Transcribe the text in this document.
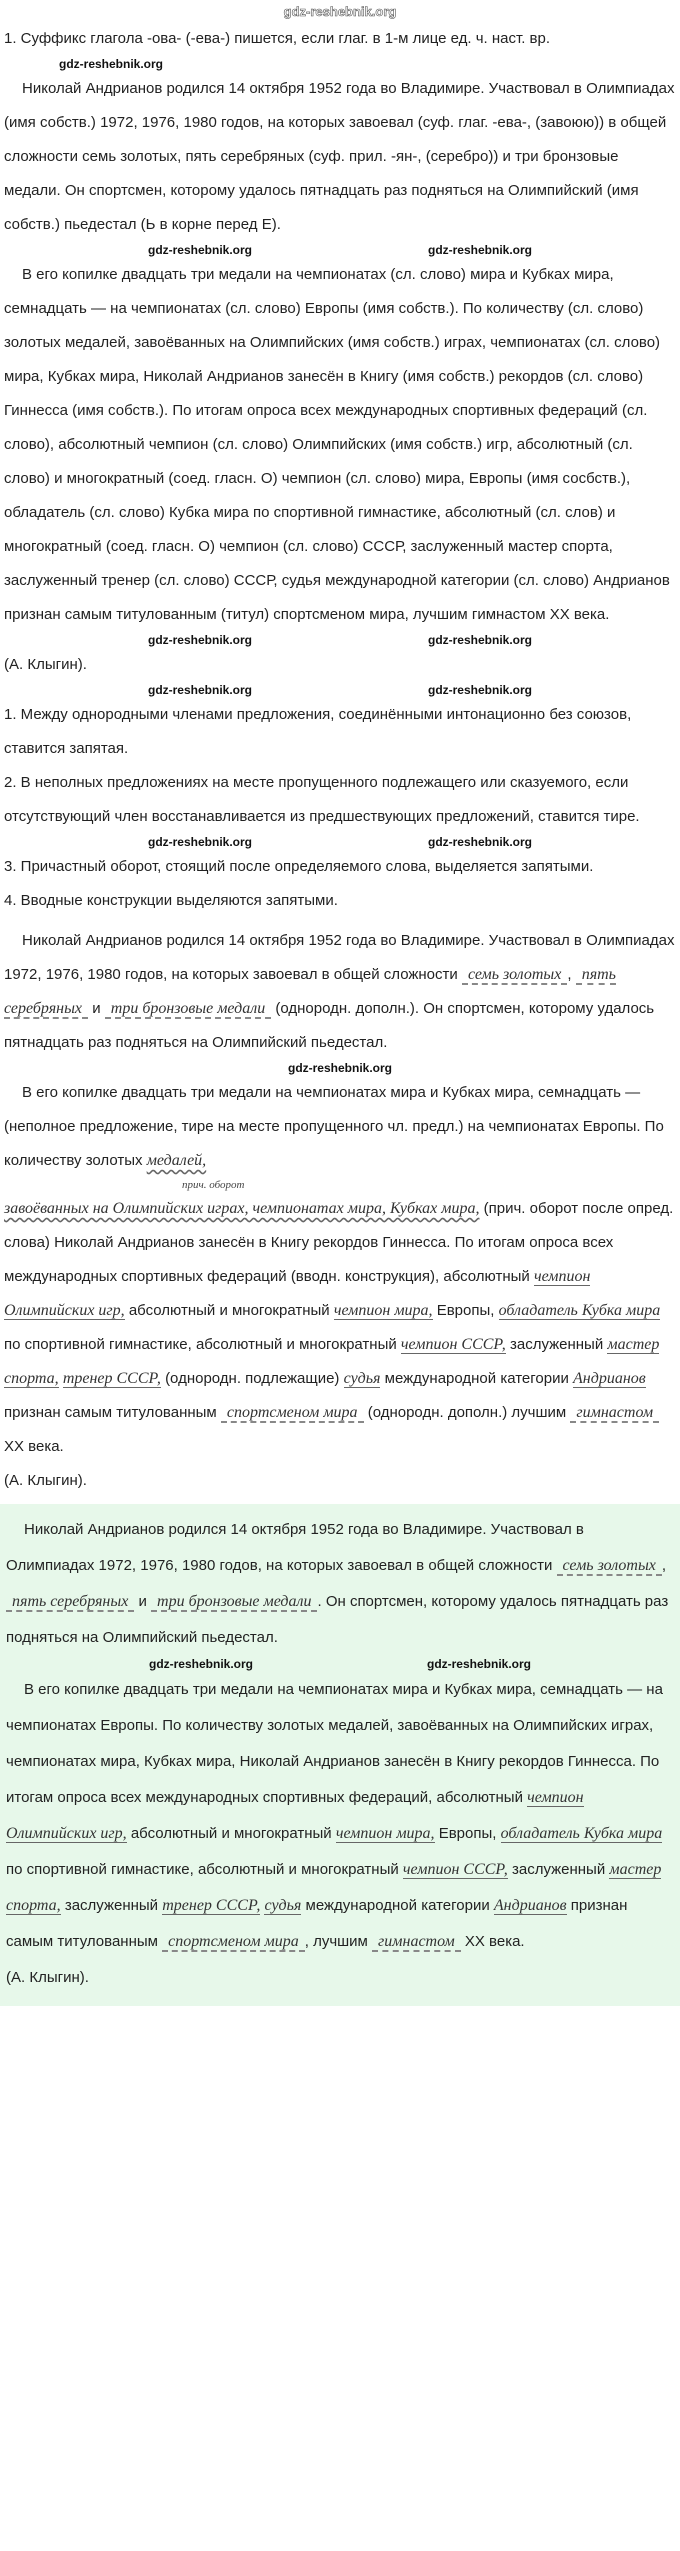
gdz-reshebnik.org

1. Суффикс глагола -ова- (-ева-) пишется, если глаг. в 1-м лице ед. ч. наст. вр.

gdz-reshebnik.org

Николай Андрианов родился 14 октября 1952 года во Владимире. Участвовал в Олимпиадах (имя собств.) 1972, 1976, 1980 годов, на которых завоевал (суф. глаг. -ева-, (завоюю)) в общей сложности семь золотых, пять серебряных (суф. прил. -ян-, (серебро)) и три бронзовые медали. Он спортсмен, которому удалось пятнадцать раз подняться на Олимпийский (имя собств.) пьедестал (Ь в корне перед Е).

gdz-reshebnik.org	gdz-reshebnik.org

В его копилке двадцать три медали на чемпионатах (сл. слово) мира и Кубках мира, семнадцать — на чемпионатах (сл. слово) Европы (имя собств.). По количеству (сл. слово) золотых медалей, завоёванных на Олимпийских (имя собств.) играх, чемпионатах (сл. слово) мира, Кубках мира, Николай Андрианов занесён в Книгу (имя собств.) рекордов (сл. слово) Гиннесса (имя собств.). По итогам опроса всех международных спортивных федераций (сл. слово), абсолютный чемпион (сл. слово) Олимпийских (имя собств.) игр, абсолютный (сл. слово) и многократный (соед. гласн. О) чемпион (сл. слово) мира, Европы (имя сосбств.), обладатель (сл. слово) Кубка мира по спортивной гимнастике, абсолютный (сл. слов) и многократный (соед. гласн. О) чемпион (сл. слово) СССР, заслуженный мастер спорта, заслуженный тренер (сл. слово) СССР, судья международной категории (сл. слово) Андрианов признан самым титулованным (титул) спортсменом мира, лучшим гимнастом XX века.

gdz-reshebnik.org	gdz-reshebnik.org

(А. Клыгин).

gdz-reshebnik.org	gdz-reshebnik.org

1. Между однородными членами предложения, соединёнными интонационно без союзов, ставится запятая.

2. В неполных предложениях на месте пропущенного подлежащего или сказуемого, если отсутствующий член восстанавливается из предшествующих предложений, ставится тире.

gdz-reshebnik.org	gdz-reshebnik.org

3. Причастный оборот, стоящий после определяемого слова, выделяется запятыми.

4. Вводные конструкции выделяются запятыми.

Николай Андрианов родился 14 октября 1952 года во Владимире. Участвовал в Олимпиадах 1972, 1976, 1980 годов, на которых завоевал в общей сложности семь золотых , пять серебряных и три бронзовые медали (однородн. дополн.). Он спортсмен, которому удалось пятнадцать раз подняться на Олимпийский пьедестал.

gdz-reshebnik.org

В его копилке двадцать три медали на чемпионатах мира и Кубках мира, семнадцать — (неполное предложение, тире на месте пропущенного чл. предл.) на чемпионатах Европы. По количеству золотых медалей,
прич. оборот
завоёванных на Олимпийских играх, чемпионатах мира, Кубках мира, (прич. оборот после опред. слова) Николай Андрианов занесён в Книгу рекордов Гиннесса. По итогам опроса всех международных спортивных федераций (вводн. конструкция), абсолютный чемпион Олимпийских игр, абсолютный и многократный чемпион мира, Европы, обладатель Кубка мира по спортивной гимнастике, абсолютный и многократный чемпион СССР, заслуженный мастер спорта, тренер СССР, (однородн. подлежащие) судья международной категории Андрианов признан самым титулованным спортсменом мира (однородн. дополн.) лучшим гимнастом XX века.

(А. Клыгин).

Николай Андрианов родился 14 октября 1952 года во Владимире. Участвовал в Олимпиадах 1972, 1976, 1980 годов, на которых завоевал в общей сложности семь золотых , пять серебряных и три бронзовые медали . Он спортсмен, которому удалось пятнадцать раз подняться на Олимпийский пьедестал.

gdz-reshebnik.org	gdz-reshebnik.org

В его копилке двадцать три медали на чемпионатах мира и Кубках мира, семнадцать — на чемпионатах Европы. По количеству золотых медалей, завоёванных на Олимпийских играх, чемпионатах мира, Кубках мира, Николай Андрианов занесён в Книгу рекордов Гиннесса. По итогам опроса всех международных спортивных федераций, абсолютный чемпион Олимпийских игр, абсолютный и многократный чемпион мира, Европы, обладатель Кубка мира по спортивной гимнастике, абсолютный и многократный чемпион СССР, заслуженный мастер спорта, заслуженный тренер СССР, судья международной категории Андрианов признан самым титулованным спортсменом мира , лучшим гимнастом XX века.

(А. Клыгин).
